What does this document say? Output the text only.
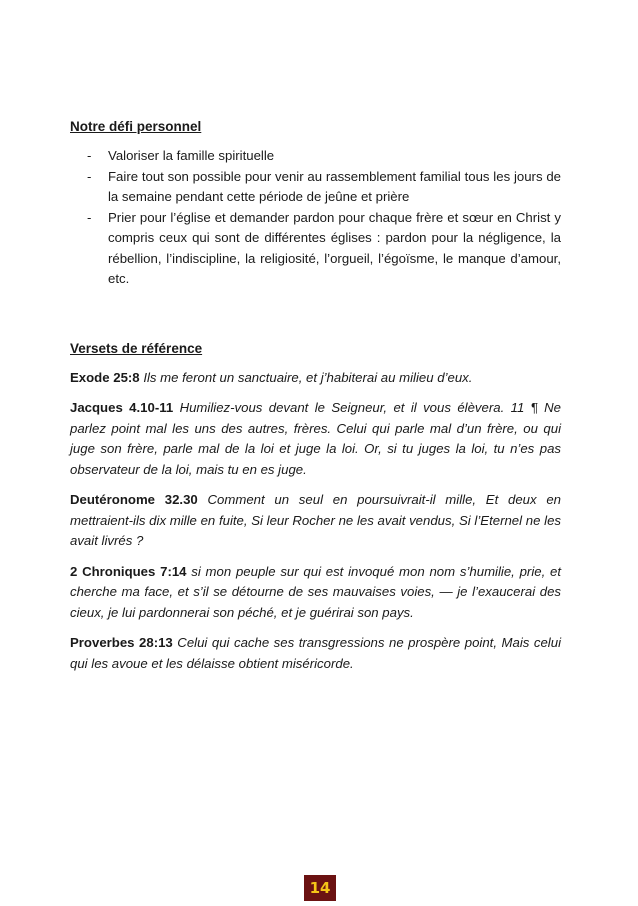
Notre défi personnel
- Valoriser la famille spirituelle
- Faire tout son possible pour venir au rassemblement familial tous les jours de la semaine pendant cette période de jeûne et prière
- Prier pour l’église et demander pardon pour chaque frère et sœur en Christ y compris ceux qui sont de différentes églises : pardon pour la négligence, la rébellion, l’indiscipline, la religiosité, l’orgueil, l’égoïsme, le manque d’amour, etc.
Versets de référence

Exode 25:8 Ils me feront un sanctuaire, et j’habiterai au milieu d’eux.

Jacques 4.10-11 Humiliez-vous devant le Seigneur, et il vous élèvera. 11 ¶ Ne parlez point mal les uns des autres, frères. Celui qui parle mal d’un frère, ou qui juge son frère, parle mal de la loi et juge la loi. Or, si tu juges la loi, tu n’es pas observateur de la loi, mais tu en es juge.

Deutéronome 32.30 Comment un seul en poursuivrait-il mille, Et deux en mettraient-ils dix mille en fuite, Si leur Rocher ne les avait vendus, Si l’Eternel ne les avait livrés ?

2 Chroniques 7:14 si mon peuple sur qui est invoqué mon nom s’humilie, prie, et cherche ma face, et s’il se détourne de ses mauvaises voies, — je l’exaucerai des cieux, je lui pardonnerai son péché, et je guérirai son pays.

Proverbes 28:13 Celui qui cache ses transgressions ne prospère point, Mais celui qui les avoue et les délaisse obtient miséricorde.

14
